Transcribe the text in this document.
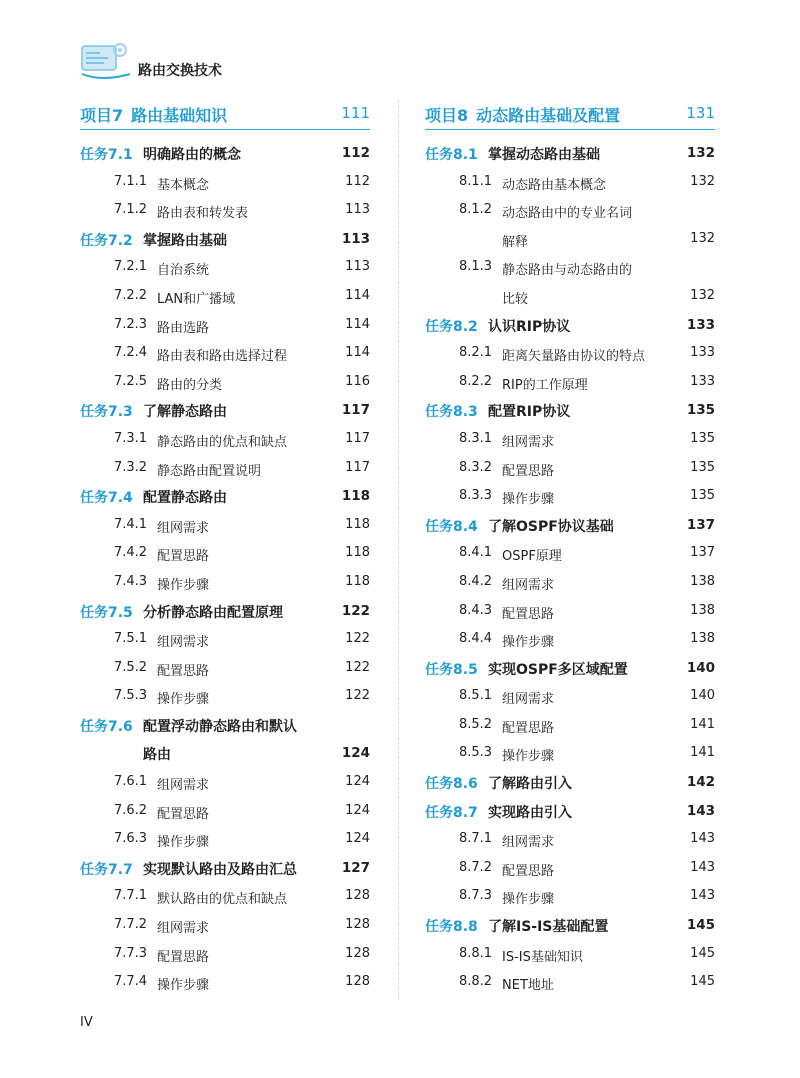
路由交换技术
项目7 路由基础知识	111
任务7.1 明确路由的概念	112
7.1.1 基本概念	112
7.1.2 路由表和转发表	113
任务7.2 掌握路由基础	113
7.2.1 自治系统	113
7.2.2 LAN和广播域	114
7.2.3 路由选路	114
7.2.4 路由表和路由选择过程	114
7.2.5 路由的分类	116
任务7.3 了解静态路由	117
7.3.1 静态路由的优点和缺点	117
7.3.2 静态路由配置说明	117
任务7.4 配置静态路由	118
7.4.1 组网需求	118
7.4.2 配置思路	118
7.4.3 操作步骤	118
任务7.5 分析静态路由配置原理	122
7.5.1 组网需求	122
7.5.2 配置思路	122
7.5.3 操作步骤	122
任务7.6 配置浮动静态路由和默认
路由	124
7.6.1 组网需求	124
7.6.2 配置思路	124
7.6.3 操作步骤	124
任务7.7 实现默认路由及路由汇总	127
7.7.1 默认路由的优点和缺点	128
7.7.2 组网需求	128
7.7.3 配置思路	128
7.7.4 操作步骤	128
项目8 动态路由基础及配置	131
任务8.1 掌握动态路由基础	132
8.1.1 动态路由基本概念	132
8.1.2 动态路由中的专业名词
解释	132
8.1.3 静态路由与动态路由的
比较	132
任务8.2 认识RIP协议	133
8.2.1 距离矢量路由协议的特点	133
8.2.2 RIP的工作原理	133
任务8.3 配置RIP协议	135
8.3.1 组网需求	135
8.3.2 配置思路	135
8.3.3 操作步骤	135
任务8.4 了解OSPF协议基础	137
8.4.1 OSPF原理	137
8.4.2 组网需求	138
8.4.3 配置思路	138
8.4.4 操作步骤	138
任务8.5 实现OSPF多区域配置	140
8.5.1 组网需求	140
8.5.2 配置思路	141
8.5.3 操作步骤	141
任务8.6 了解路由引入	142
任务8.7 实现路由引入	143
8.7.1 组网需求	143
8.7.2 配置思路	143
8.7.3 操作步骤	143
任务8.8 了解IS-IS基础配置	145
8.8.1 IS-IS基础知识	145
8.8.2 NET地址	145
IV
